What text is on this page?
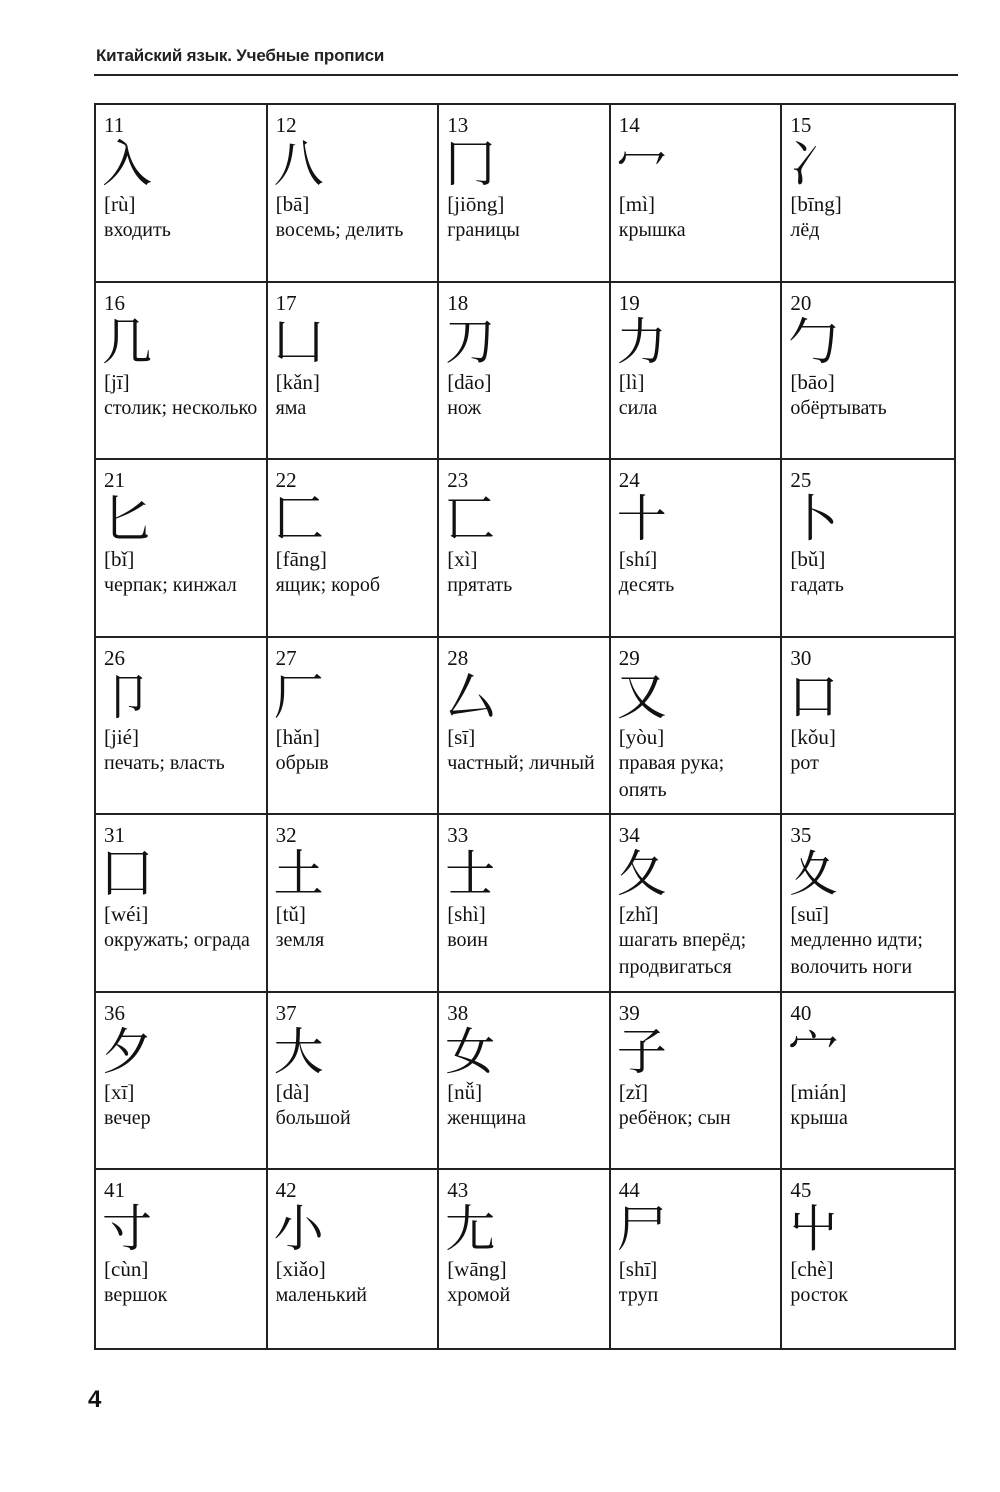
Китайский язык. Учебные прописи
11
入
[rù]
входить
12
八
[bā]
восемь; делить
13
冂
[jiōng]
границы
14
冖
[mì]
крышка
15
冫
[bīng]
лёд
16
几
[jī]
столик; несколько
17
凵
[kǎn]
яма
18
刀
[dāo]
нож
19
力
[lì]
сила
20
勹
[bāo]
обёртывать
21
匕
[bǐ]
черпак; кинжал
22
匚
[fāng]
ящик; короб
23
匸
[xì]
прятать
24
十
[shí]
десять
25
卜
[bǔ]
гадать
26
卩
[jié]
печать; власть
27
厂
[hǎn]
обрыв
28
厶
[sī]
частный; личный
29
又
[yòu]
правая рука; опять
30
口
[kǒu]
рот
31
囗
[wéi]
окружать; ограда
32
土
[tǔ]
земля
33
士
[shì]
воин
34
夂
[zhǐ]
шагать вперёд; продвигаться
35
夊
[suī]
медленно идти; волочить ноги
36
夕
[xī]
вечер
37
大
[dà]
большой
38
女
[nǚ]
женщина
39
子
[zǐ]
ребёнок; сын
40
宀
[mián]
крыша
41
寸
[cùn]
вершок
42
小
[xiǎo]
маленький
43
尢
[wāng]
хромой
44
尸
[shī]
труп
45
屮
[chè]
росток
4
